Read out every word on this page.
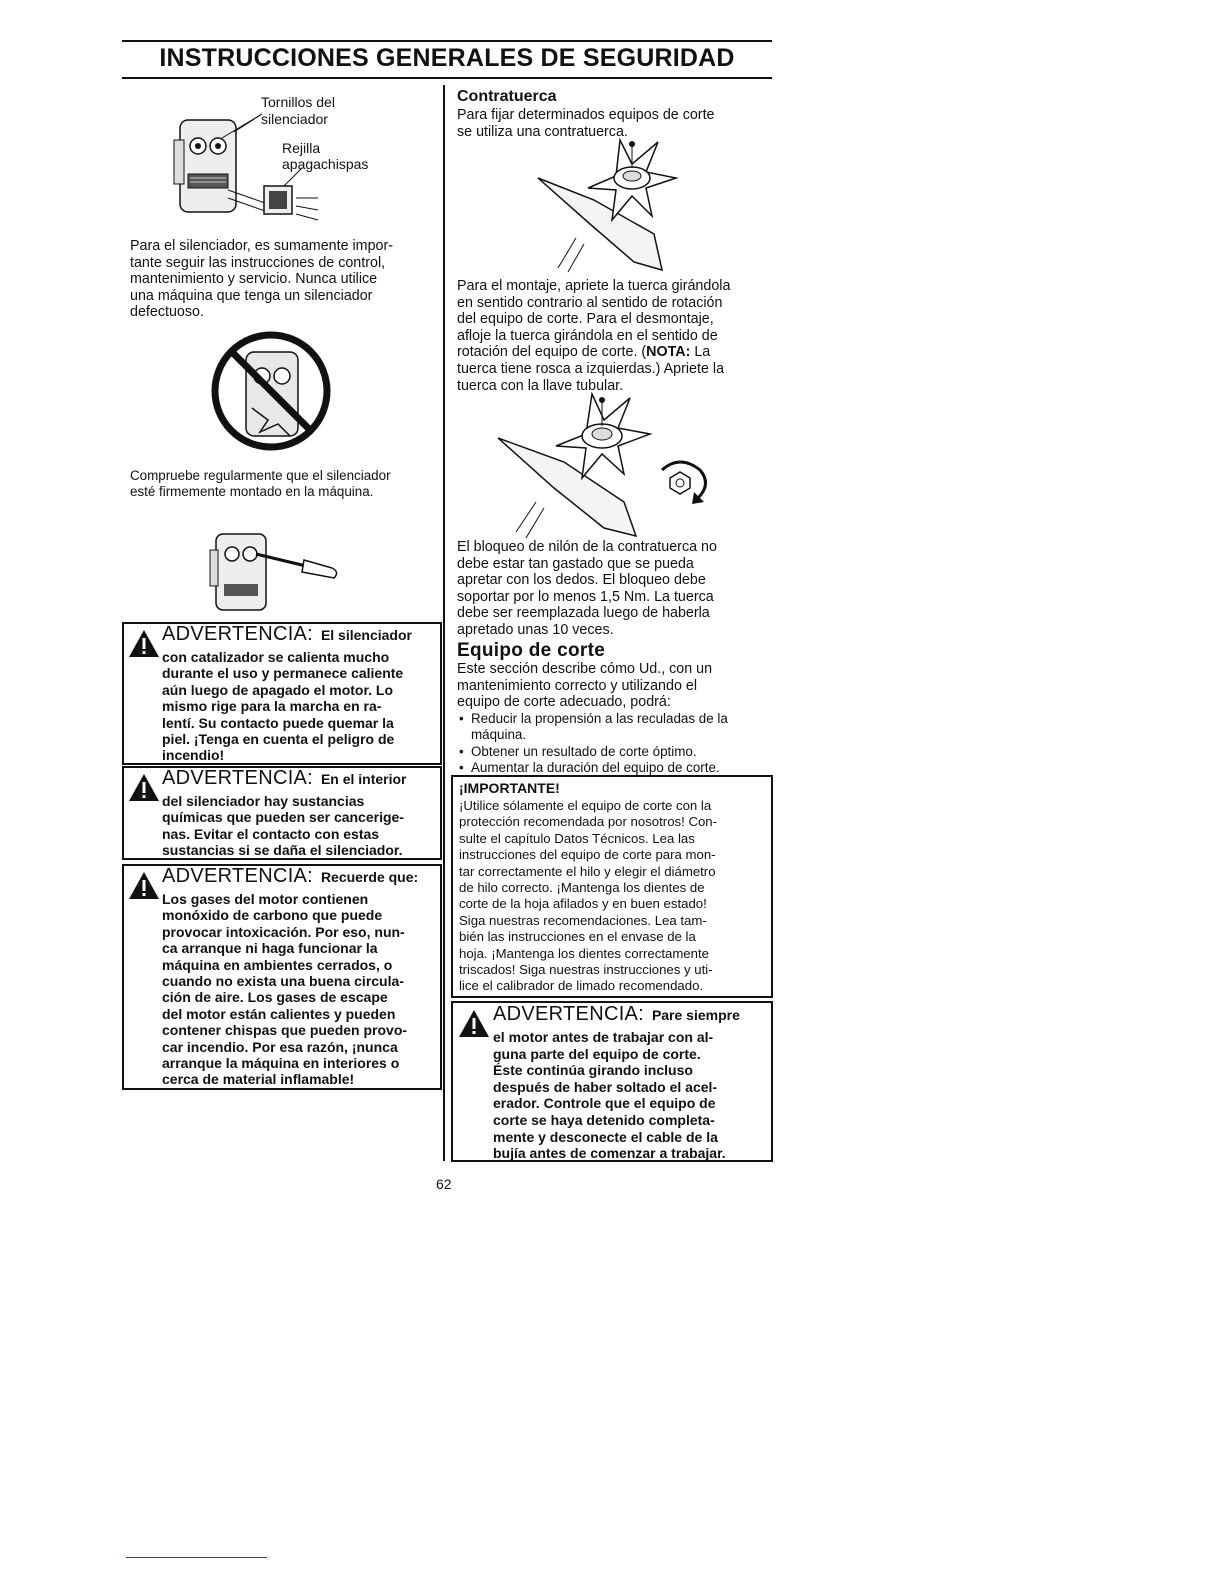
INSTRUCCIONES GENERALES DE SEGURIDAD
Tornillos del
silenciador
Rejilla
apagachispas
Para el silenciador, es sumamente impor-
tante seguir las instrucciones de control,
mantenimiento y servicio. Nunca utilice
una máquina que tenga un silenciador
defectuoso.
Compruebe regularmente que el silenciador
esté firmemente montado en la máquina.
ADVERTENCIA: El silenciador
con catalizador se calienta mucho
durante el uso y permanece caliente
aún luego de apagado el motor. Lo
mismo rige para la marcha en ra-
lentí. Su contacto puede quemar la
piel. ¡Tenga en cuenta el peligro de
incendio!
ADVERTENCIA: En el interior
del silenciador hay sustancias
químicas que pueden ser cancerige-
nas. Evitar el contacto con estas
sustancias si se daña el silenciador.
ADVERTENCIA: Recuerde que:
Los gases del motor contienen
monóxido de carbono que puede
provocar intoxicación. Por eso, nun-
ca arranque ni haga funcionar la
máquina en ambientes cerrados, o
cuando no exista una buena circula-
ción de aire. Los gases de escape
del motor están calientes y pueden
contener chispas que pueden provo-
car incendio. Por esa razón, ¡nunca
arranque la máquina en interiores o
cerca de material inflamable!
Contratuerca
Para fijar determinados equipos de corte
se utiliza una contratuerca.
Para el montaje, apriete la tuerca girándola
en sentido contrario al sentido de rotación
del equipo de corte. Para el desmontaje,
afloje la tuerca girándola en el sentido de
rotación del equipo de corte. (NOTA: La
tuerca tiene rosca a izquierdas.) Apriete la
tuerca con la llave tubular.
El bloqueo de nilón de la contratuerca no
debe estar tan gastado que se pueda
apretar con los dedos. El bloqueo debe
soportar por lo menos 1,5 Nm. La tuerca
debe ser reemplazada luego de haberla
apretado unas 10 veces.
Equipo de corte
Este sección describe cómo Ud., con un
mantenimiento correcto y utilizando el
equipo de corte adecuado, podrá:
• Reducir la propensión a las reculadas de la
máquina.
• Obtener un resultado de corte óptimo.
• Aumentar la duración del equipo de corte.
¡IMPORTANTE!
¡Utilice sólamente el equipo de corte con la
protección recomendada por nosotros! Con-
sulte el capítulo Datos Técnicos. Lea las
instrucciones del equipo de corte para mon-
tar correctamente el hilo y elegir el diámetro
de hilo correcto. ¡Mantenga los dientes de
corte de la hoja afilados y en buen estado!
Siga nuestras recomendaciones. Lea tam-
bién las instrucciones en el envase de la
hoja. ¡Mantenga los dientes correctamente
triscados! Siga nuestras instrucciones y uti-
lice el calibrador de limado recomendado.
ADVERTENCIA: Pare siempre
el motor antes de trabajar con al-
guna parte del equipo de corte.
Éste continúa girando incluso
después de haber soltado el acel-
erador. Controle que el equipo de
corte se haya detenido completa-
mente y desconecte el cable de la
bujía antes de comenzar a trabajar.
62
